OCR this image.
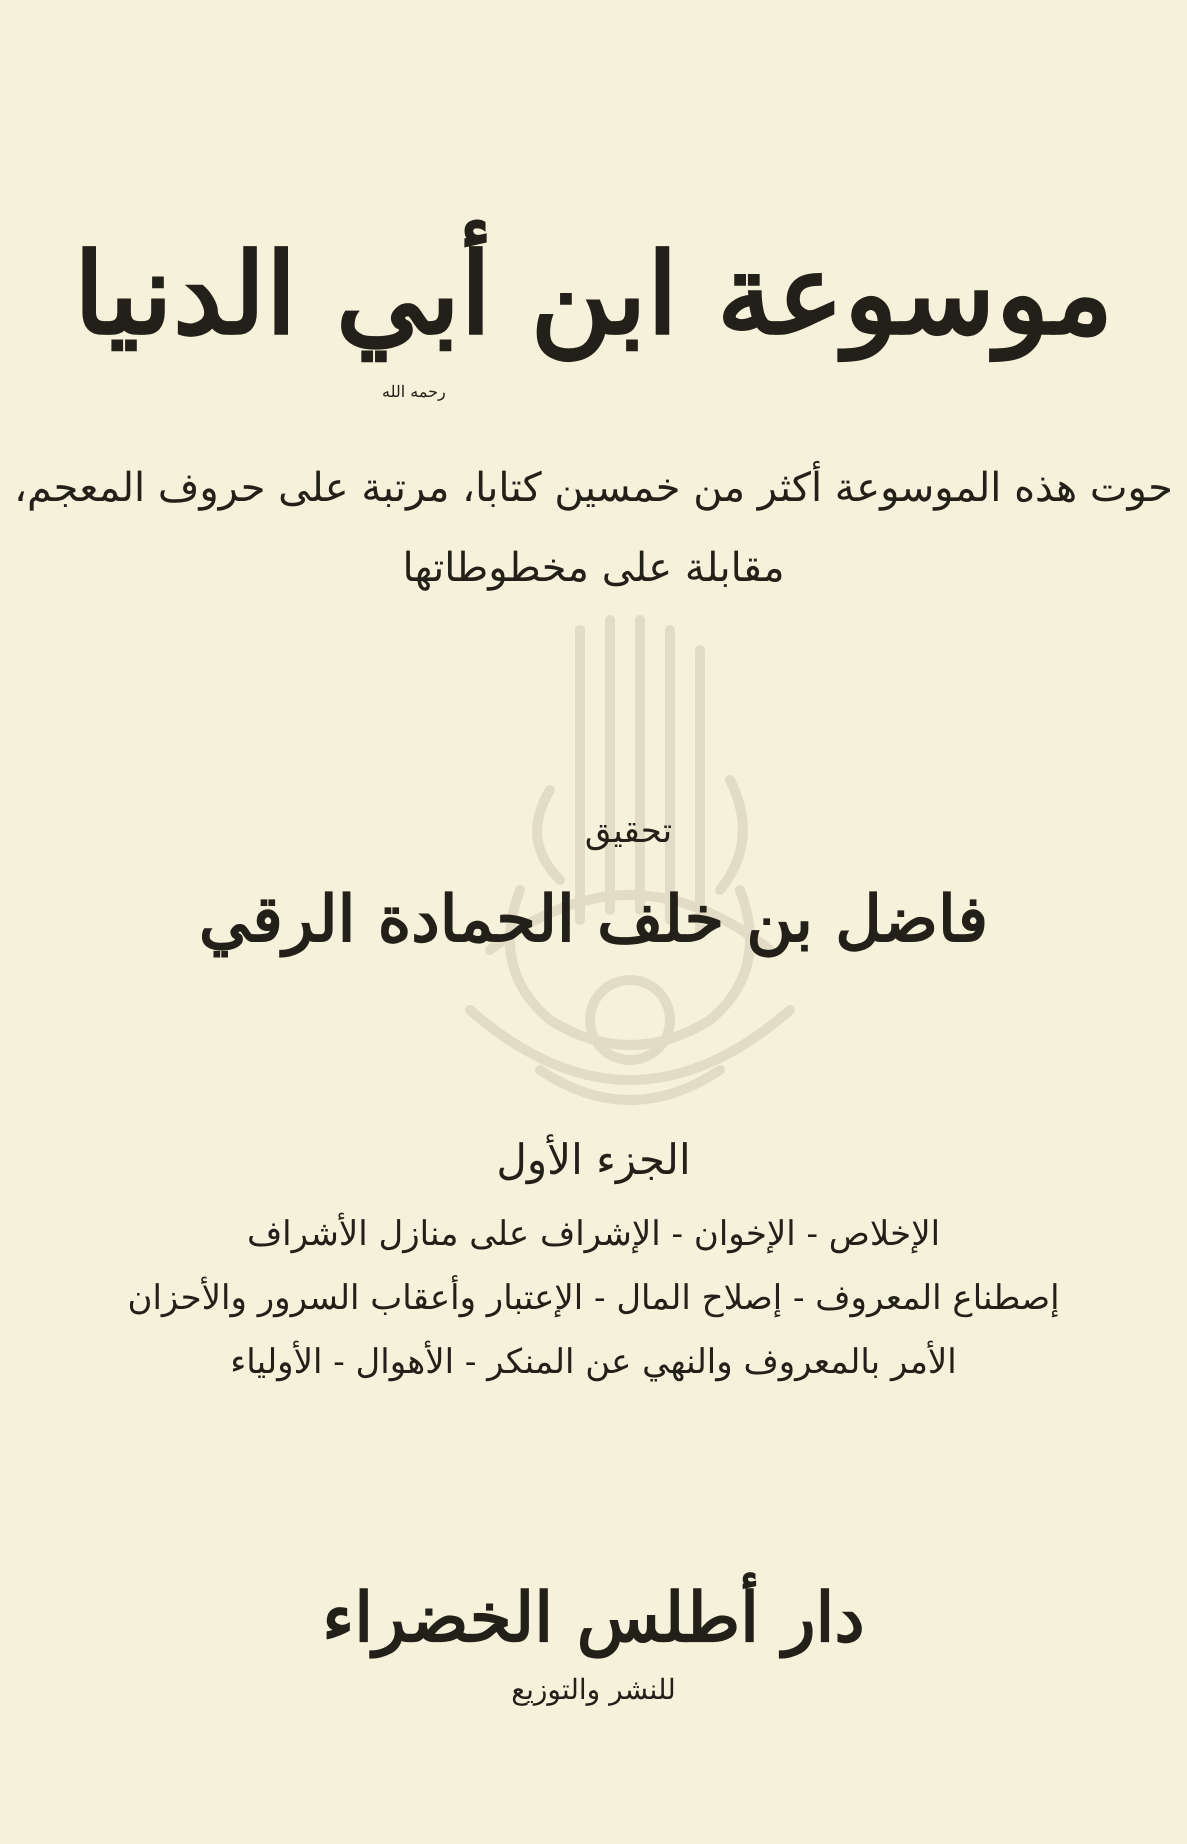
موسوعة ابن أبي الدنيا
رحمه الله
حوت هذه الموسوعة أكثر من خمسين كتابا، مرتبة على حروف المعجم،
مقابلة على مخطوطاتها
تحقيق
فاضل بن خلف الحمادة الرقي
الجزء الأول
الإخلاص - الإخوان - الإشراف على منازل الأشراف
إصطناع المعروف - إصلاح المال - الإعتبار وأعقاب السرور والأحزان
الأمر بالمعروف والنهي عن المنكر - الأهوال - الأولياء
دار أطلس الخضراء
للنشر والتوزيع
